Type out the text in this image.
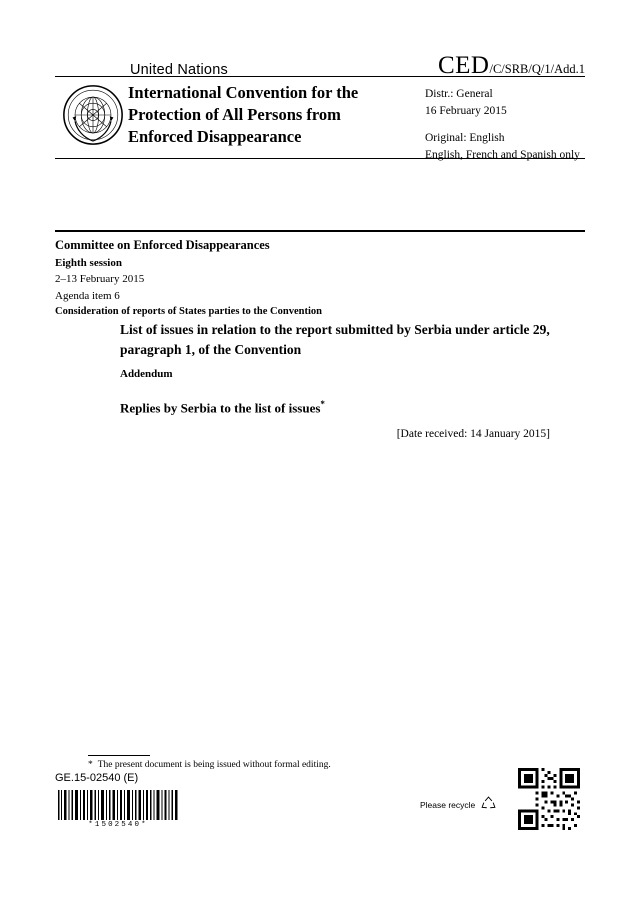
United Nations	CED/C/SRB/Q/1/Add.1
International Convention for the Protection of All Persons from Enforced Disappearance
Distr.: General
16 February 2015
Original: English
English, French and Spanish only
Committee on Enforced Disappearances
Eighth session
2–13 February 2015
Agenda item 6
Consideration of reports of States parties to the Convention
List of issues in relation to the report submitted by Serbia under article 29, paragraph 1, of the Convention
Addendum
Replies by Serbia to the list of issues*
[Date received: 14 January 2015]
* The present document is being issued without formal editing.
GE.15-02540 (E)
*1502540*
Please recycle
